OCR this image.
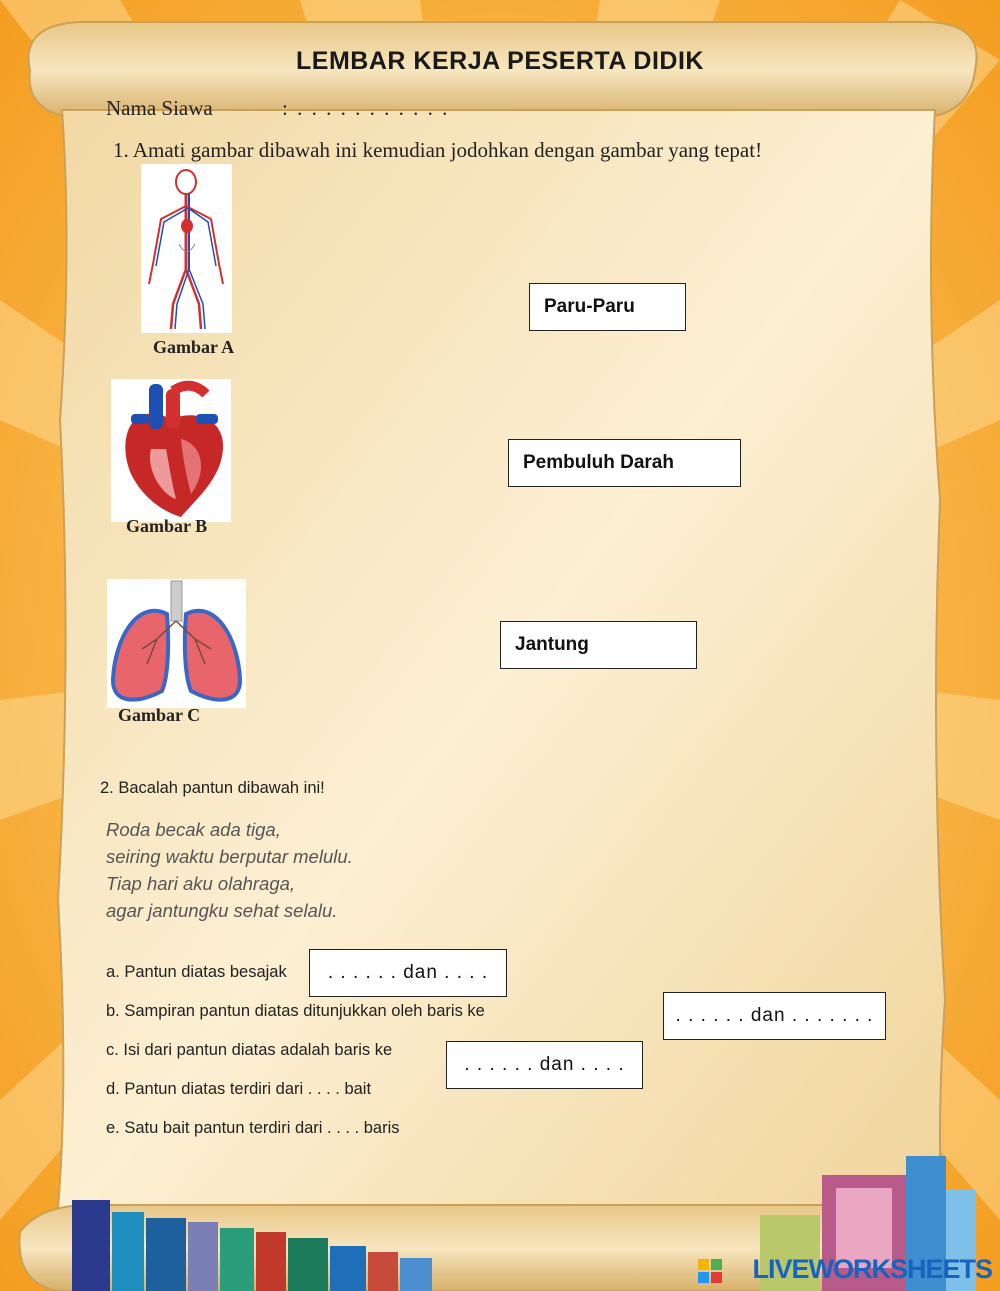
LEMBAR KERJA PESERTA DIDIK
Nama Siawa	: . . . . . . . . . . .
1. Amati gambar dibawah ini kemudian jodohkan dengan gambar yang tepat!
Gambar A
Gambar B
Gambar C
Paru-Paru
Pembuluh Darah
Jantung
2. Bacalah pantun dibawah ini!
Roda becak ada tiga,
seiring waktu berputar melulu.
Tiap hari aku olahraga,
agar jantungku sehat selalu.
a. Pantun diatas besajak
b. Sampiran pantun diatas ditunjukkan oleh baris ke
c. Isi dari pantun diatas adalah baris ke
d. Pantun diatas terdiri dari . . . . bait
e. Satu bait pantun terdiri dari . . . . baris
. . . . . . dan . . . .
. . . . . . dan . . . . . . .
. . . . . . dan . . . .
LIVEWORKSHEETS
